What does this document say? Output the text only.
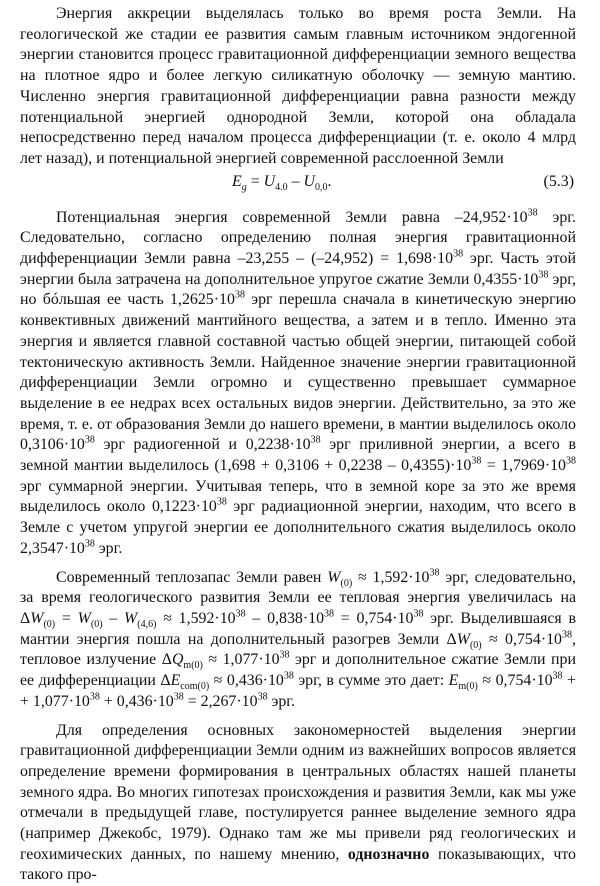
Энергия аккреции выделялась только во время роста Земли. На геологической же стадии ее развития самым главным источником эндогенной энергии становится процесс гравитационной дифференциации земного вещества на плотное ядро и более легкую силикатную оболочку — земную мантию. Численно энергия гравитационной дифференциации равна разности между потенциальной энергией однородной Земли, которой она обладала непосредственно перед началом процесса дифференциации (т. е. около 4 млрд лет назад), и потенциальной энергией современной расслоенной Земли

$E_g = U_{4.0} - U_{0,0}$.	(5.3)

Потенциальная энергия современной Земли равна $-24,952\cdot 10^{38}$ эрг. Следовательно, согласно определению полная энергия гравитационной дифференциации Земли равна $-23,255 - (-24,952) = 1,698\cdot 10^{38}$ эрг. Часть этой энергии была затрачена на дополнительное упругое сжатие Земли $0,4355\cdot 10^{38}$ эрг, но бóльшая ее часть $1,2625\cdot 10^{38}$ эрг перешла сначала в кинетическую энергию конвективных движений мантийного вещества, а затем и в тепло. Именно эта энергия и является главной составной частью общей энергии, питающей собой тектоническую активность Земли. Найденное значение энергии гравитационной дифференциации Земли огромно и существенно превышает суммарное выделение в ее недрах всех остальных видов энергии. Действительно, за это же время, т. е. от образования Земли до нашего времени, в мантии выделилось около $0,3106\cdot 10^{38}$ эрг радиогенной и $0,2238\cdot 10^{38}$ эрг приливной энергии, а всего в земной мантии выделилось $(1,698 + 0,3106 + 0,2238 - 0,4355)\cdot 10^{38} = 1,7969\cdot 10^{38}$ эрг суммарной энергии. Учитывая теперь, что в земной коре за это же время выделилось около $0,1223\cdot 10^{38}$ эрг радиационной энергии, находим, что всего в Земле с учетом упругой энергии ее дополнительного сжатия выделилось около $2,3547\cdot 10^{38}$ эрг.

Современный теплозапас Земли равен $W_{(0)} \approx 1,592\cdot 10^{38}$ эрг, следовательно, за время геологического развития Земли ее тепловая энергия увеличилась на $\Delta W_{(0)} = W_{(0)} - W_{(4,6)} \approx 1,592\cdot 10^{38} - 0,838\cdot 10^{38} = 0,754\cdot 10^{38}$ эрг. Выделившаяся в мантии энергия пошла на дополнительный разогрев Земли $\Delta W_{(0)} \approx 0,754\cdot 10^{38}$, тепловое излучение $\Delta Q_{m(0)} \approx 1,077\cdot 10^{38}$ эрг и дополнительное сжатие Земли при ее дифференциации $\Delta E_{com(0)} \approx 0,436\cdot 10^{38}$ эрг, в сумме это дает: $E_{m(0)} \approx 0,754\cdot 10^{38}$ + + $1,077\cdot 10^{38} + 0,436\cdot 10^{38} = 2,267\cdot 10^{38}$ эрг.

Для определения основных закономерностей выделения энергии гравитационной дифференциации Земли одним из важнейших вопросов является определение времени формирования в центральных областях нашей планеты земного ядра. Во многих гипотезах происхождения и развития Земли, как мы уже отмечали в предыдущей главе, постулируется раннее выделение земного ядра (например Джекобс, 1979). Однако там же мы привели ряд геологических и геохимических данных, по нашему мнению, однозначно показывающих, что такого про-
